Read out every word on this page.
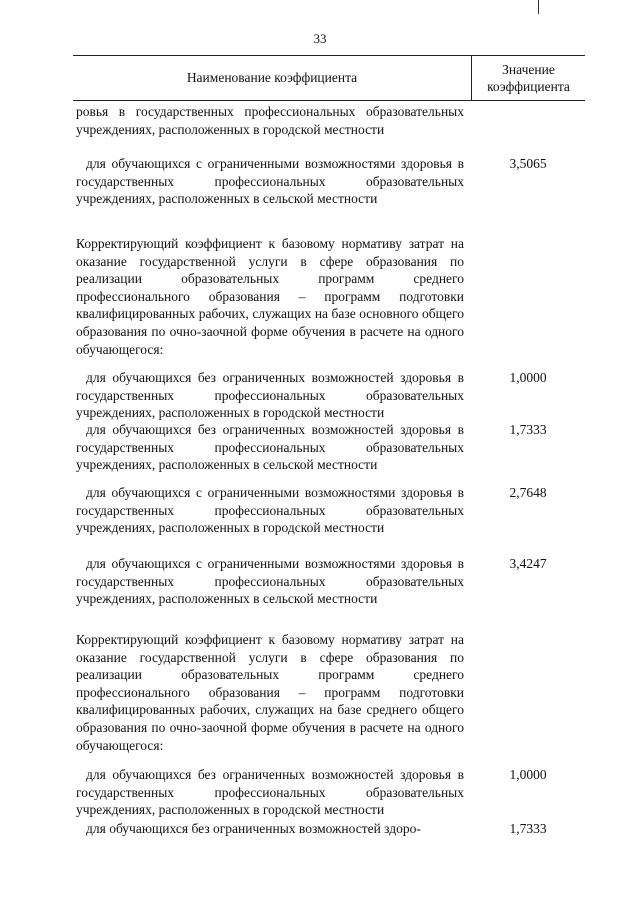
33
Наименование коэффициента
Значение коэффициента
ровья в государственных профессиональных образовательных учреждениях, расположенных в городской местности
для обучающихся с ограниченными возможностями здоровья в государственных профессиональных образовательных учреждениях, расположенных в сельской местности
3,5065
Корректирующий коэффициент к базовому нормативу затрат на оказание государственной услуги в сфере образования по реализации образовательных программ среднего профессионального образования – программ подготовки квалифицированных рабочих, служащих на базе основного общего образования по очно-заочной форме обучения в расчете на одного обучающегося:
для обучающихся без ограниченных возможностей здоровья в государственных профессиональных образовательных учреждениях, расположенных в городской местности
1,0000
для обучающихся без ограниченных возможностей здоровья в государственных профессиональных образовательных учреждениях, расположенных в сельской местности
1,7333
для обучающихся с ограниченными возможностями здоровья в государственных профессиональных образовательных учреждениях, расположенных в городской местности
2,7648
для обучающихся с ограниченными возможностями здоровья в государственных профессиональных образовательных учреждениях, расположенных в сельской местности
3,4247
Корректирующий коэффициент к базовому нормативу затрат на оказание государственной услуги в сфере образования по реализации образовательных программ среднего профессионального образования – программ подготовки квалифицированных рабочих, служащих на базе среднего общего образования по очно-заочной форме обучения в расчете на одного обучающегося:
для обучающихся без ограниченных возможностей здоровья в государственных профессиональных образовательных учреждениях, расположенных в городской местности
1,0000
для обучающихся без ограниченных возможностей здоро-	1,7333
